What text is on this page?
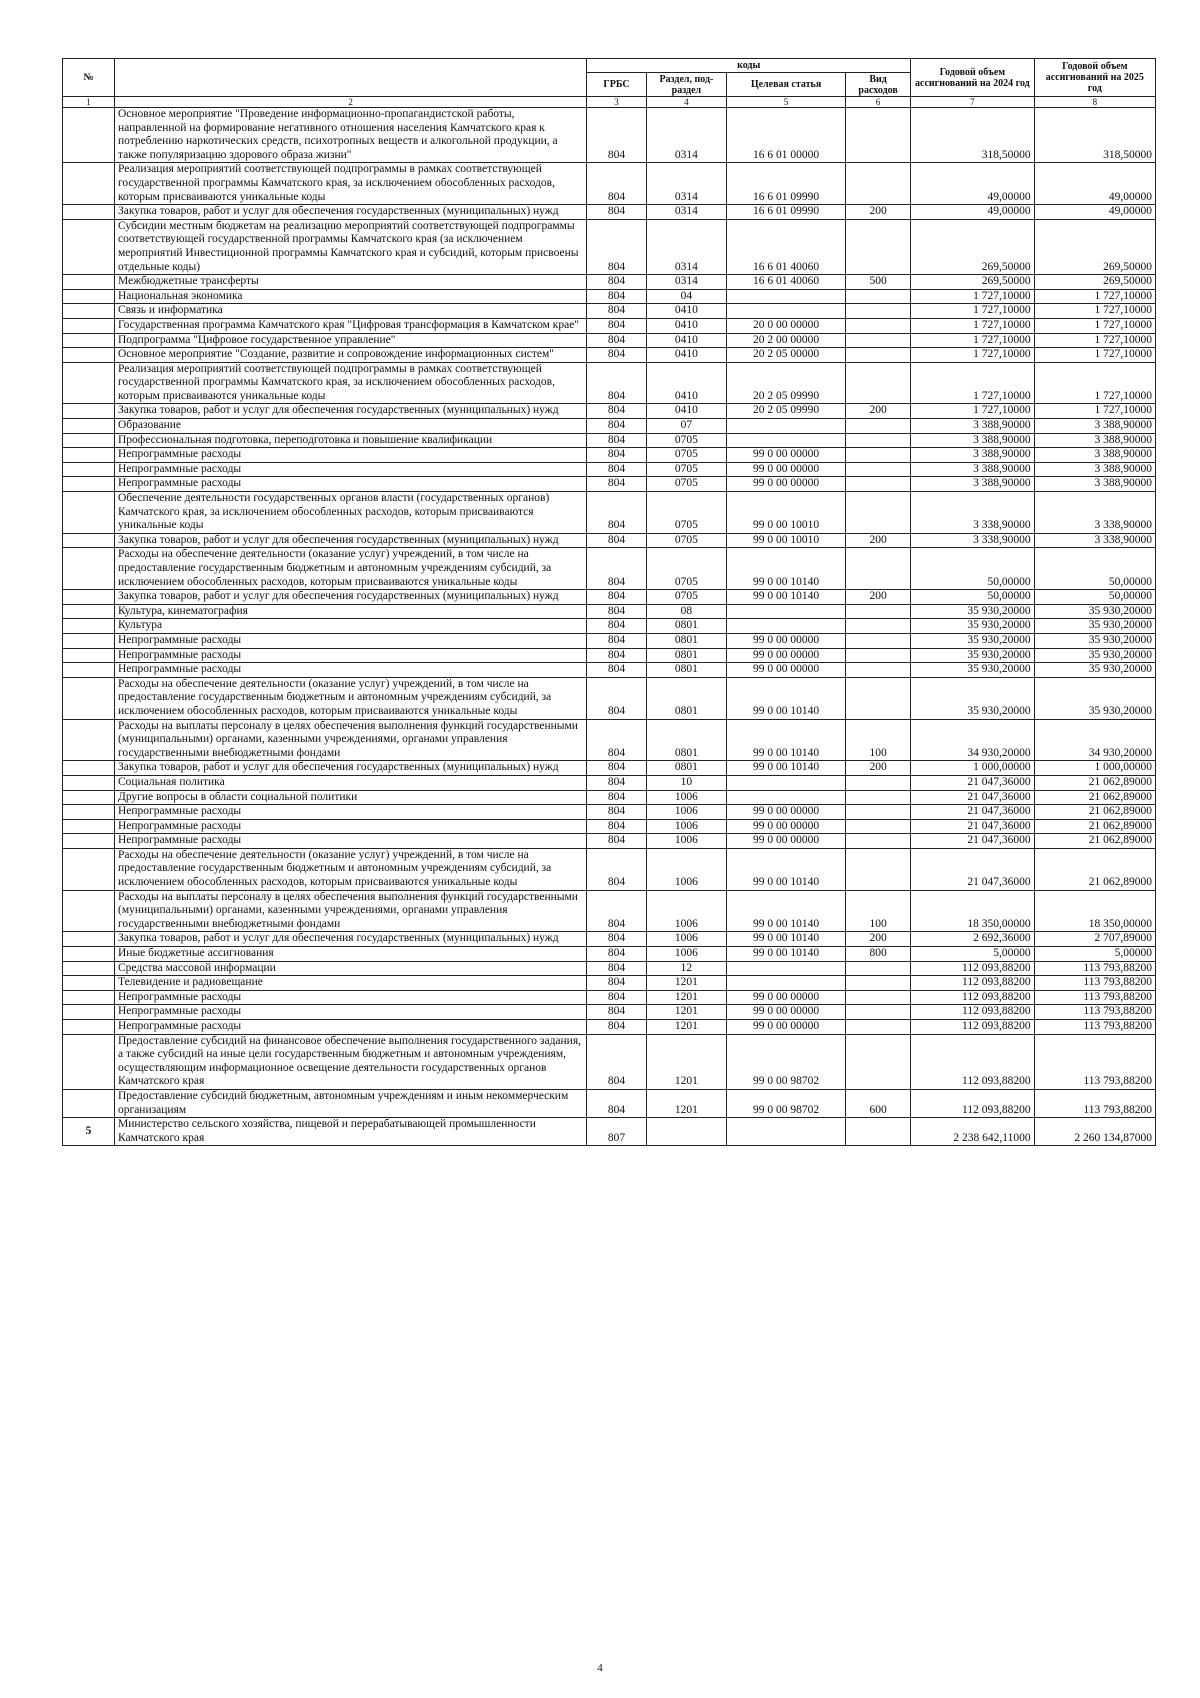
№		коды				Годовой объем ассигнований на 2024 год	Годовой объем ассигнований на 2025 год
		ГРБС	Раздел, под-раздел	Целевая статья	Вид расходов		
1	2	3	4	5	6	7	8
	Основное мероприятие "Проведение информационно-пропагандистской работы, направленной на формирование негативного отношения населения Камчатского края к потреблению наркотических средств, психотропных веществ и алкогольной продукции, а также популяризацию здорового образа жизни"	804	0314	16 6 01 00000		318,50000	318,50000
	Реализация мероприятий соответствующей подпрограммы в рамках соответствующей государственной программы Камчатского края, за исключением обособленных расходов, которым присваиваются уникальные коды	804	0314	16 6 01 09990		49,00000	49,00000
	Закупка товаров, работ и услуг для обеспечения государственных (муниципальных) нужд	804	0314	16 6 01 09990	200	49,00000	49,00000
	Субсидии местным бюджетам на реализацию мероприятий соответствующей подпрограммы соответствующей государственной программы Камчатского края (за исключением мероприятий Инвестиционной программы Камчатского края и субсидий, которым присвоены отдельные коды)	804	0314	16 6 01 40060		269,50000	269,50000
	Межбюджетные трансферты	804	0314	16 6 01 40060	500	269,50000	269,50000
	Национальная экономика	804	04			1 727,10000	1 727,10000
	Связь и информатика	804	0410			1 727,10000	1 727,10000
	Государственная программа Камчатского края "Цифровая трансформация в Камчатском крае"	804	0410	20 0 00 00000		1 727,10000	1 727,10000
	Подпрограмма "Цифровое государственное управление"	804	0410	20 2 00 00000		1 727,10000	1 727,10000
	Основное мероприятие "Создание, развитие и сопровождение информационных систем"	804	0410	20 2 05 00000		1 727,10000	1 727,10000
	Реализация мероприятий соответствующей подпрограммы в рамках соответствующей государственной программы Камчатского края, за исключением обособленных расходов, которым присваиваются уникальные коды	804	0410	20 2 05 09990		1 727,10000	1 727,10000
	Закупка товаров, работ и услуг для обеспечения государственных (муниципальных) нужд	804	0410	20 2 05 09990	200	1 727,10000	1 727,10000
	Образование	804	07			3 388,90000	3 388,90000
	Профессиональная подготовка, переподготовка и повышение квалификации	804	0705			3 388,90000	3 388,90000
	Непрограммные расходы	804	0705	99 0 00 00000		3 388,90000	3 388,90000
	Непрограммные расходы	804	0705	99 0 00 00000		3 388,90000	3 388,90000
	Непрограммные расходы	804	0705	99 0 00 00000		3 388,90000	3 388,90000
	Обеспечение деятельности государственных органов власти (государственных органов) Камчатского края, за исключением обособленных расходов, которым присваиваются уникальные коды	804	0705	99 0 00 10010		3 338,90000	3 338,90000
	Закупка товаров, работ и услуг для обеспечения государственных (муниципальных) нужд	804	0705	99 0 00 10010	200	3 338,90000	3 338,90000
	Расходы на обеспечение деятельности (оказание услуг) учреждений, в том числе на предоставление государственным бюджетным и автономным учреждениям субсидий, за исключением обособленных расходов, которым присваиваются уникальные коды	804	0705	99 0 00 10140		50,00000	50,00000
	Закупка товаров, работ и услуг для обеспечения государственных (муниципальных) нужд	804	0705	99 0 00 10140	200	50,00000	50,00000
	Культура, кинематография	804	08			35 930,20000	35 930,20000
	Культура	804	0801			35 930,20000	35 930,20000
	Непрограммные расходы	804	0801	99 0 00 00000		35 930,20000	35 930,20000
	Непрограммные расходы	804	0801	99 0 00 00000		35 930,20000	35 930,20000
	Непрограммные расходы	804	0801	99 0 00 00000		35 930,20000	35 930,20000
	Расходы на обеспечение деятельности (оказание услуг) учреждений, в том числе на предоставление государственным бюджетным и автономным учреждениям субсидий, за исключением обособленных расходов, которым присваиваются уникальные коды	804	0801	99 0 00 10140		35 930,20000	35 930,20000
	Расходы на выплаты персоналу в целях обеспечения выполнения функций государственными (муниципальными) органами, казенными учреждениями, органами управления государственными внебюджетными фондами	804	0801	99 0 00 10140	100	34 930,20000	34 930,20000
	Закупка товаров, работ и услуг для обеспечения государственных (муниципальных) нужд	804	0801	99 0 00 10140	200	1 000,00000	1 000,00000
	Социальная политика	804	10			21 047,36000	21 062,89000
	Другие вопросы в области социальной политики	804	1006			21 047,36000	21 062,89000
	Непрограммные расходы	804	1006	99 0 00 00000		21 047,36000	21 062,89000
	Непрограммные расходы	804	1006	99 0 00 00000		21 047,36000	21 062,89000
	Непрограммные расходы	804	1006	99 0 00 00000		21 047,36000	21 062,89000
	Расходы на обеспечение деятельности (оказание услуг) учреждений, в том числе на предоставление государственным бюджетным и автономным учреждениям субсидий, за исключением обособленных расходов, которым присваиваются уникальные коды	804	1006	99 0 00 10140		21 047,36000	21 062,89000
	Расходы на выплаты персоналу в целях обеспечения выполнения функций государственными (муниципальными) органами, казенными учреждениями, органами управления государственными внебюджетными фондами	804	1006	99 0 00 10140	100	18 350,00000	18 350,00000
	Закупка товаров, работ и услуг для обеспечения государственных (муниципальных) нужд	804	1006	99 0 00 10140	200	2 692,36000	2 707,89000
	Иные бюджетные ассигнования	804	1006	99 0 00 10140	800	5,00000	5,00000
	Средства массовой информации	804	12			112 093,88200	113 793,88200
	Телевидение и радиовещание	804	1201			112 093,88200	113 793,88200
	Непрограммные расходы	804	1201	99 0 00 00000		112 093,88200	113 793,88200
	Непрограммные расходы	804	1201	99 0 00 00000		112 093,88200	113 793,88200
	Непрограммные расходы	804	1201	99 0 00 00000		112 093,88200	113 793,88200
	Предоставление субсидий на финансовое обеспечение выполнения государственного задания, а также субсидий на иные цели государственным бюджетным и автономным учреждениям, осуществляющим информационное освещение деятельности государственных органов Камчатского края	804	1201	99 0 00 98702		112 093,88200	113 793,88200
	Предоставление субсидий бюджетным, автономным учреждениям и иным некоммерческим организациям	804	1201	99 0 00 98702	600	112 093,88200	113 793,88200
5	Министерство сельского хозяйства, пищевой и перерабатывающей промышленности Камчатского края	807				2 238 642,11000	2 260 134,87000
4
